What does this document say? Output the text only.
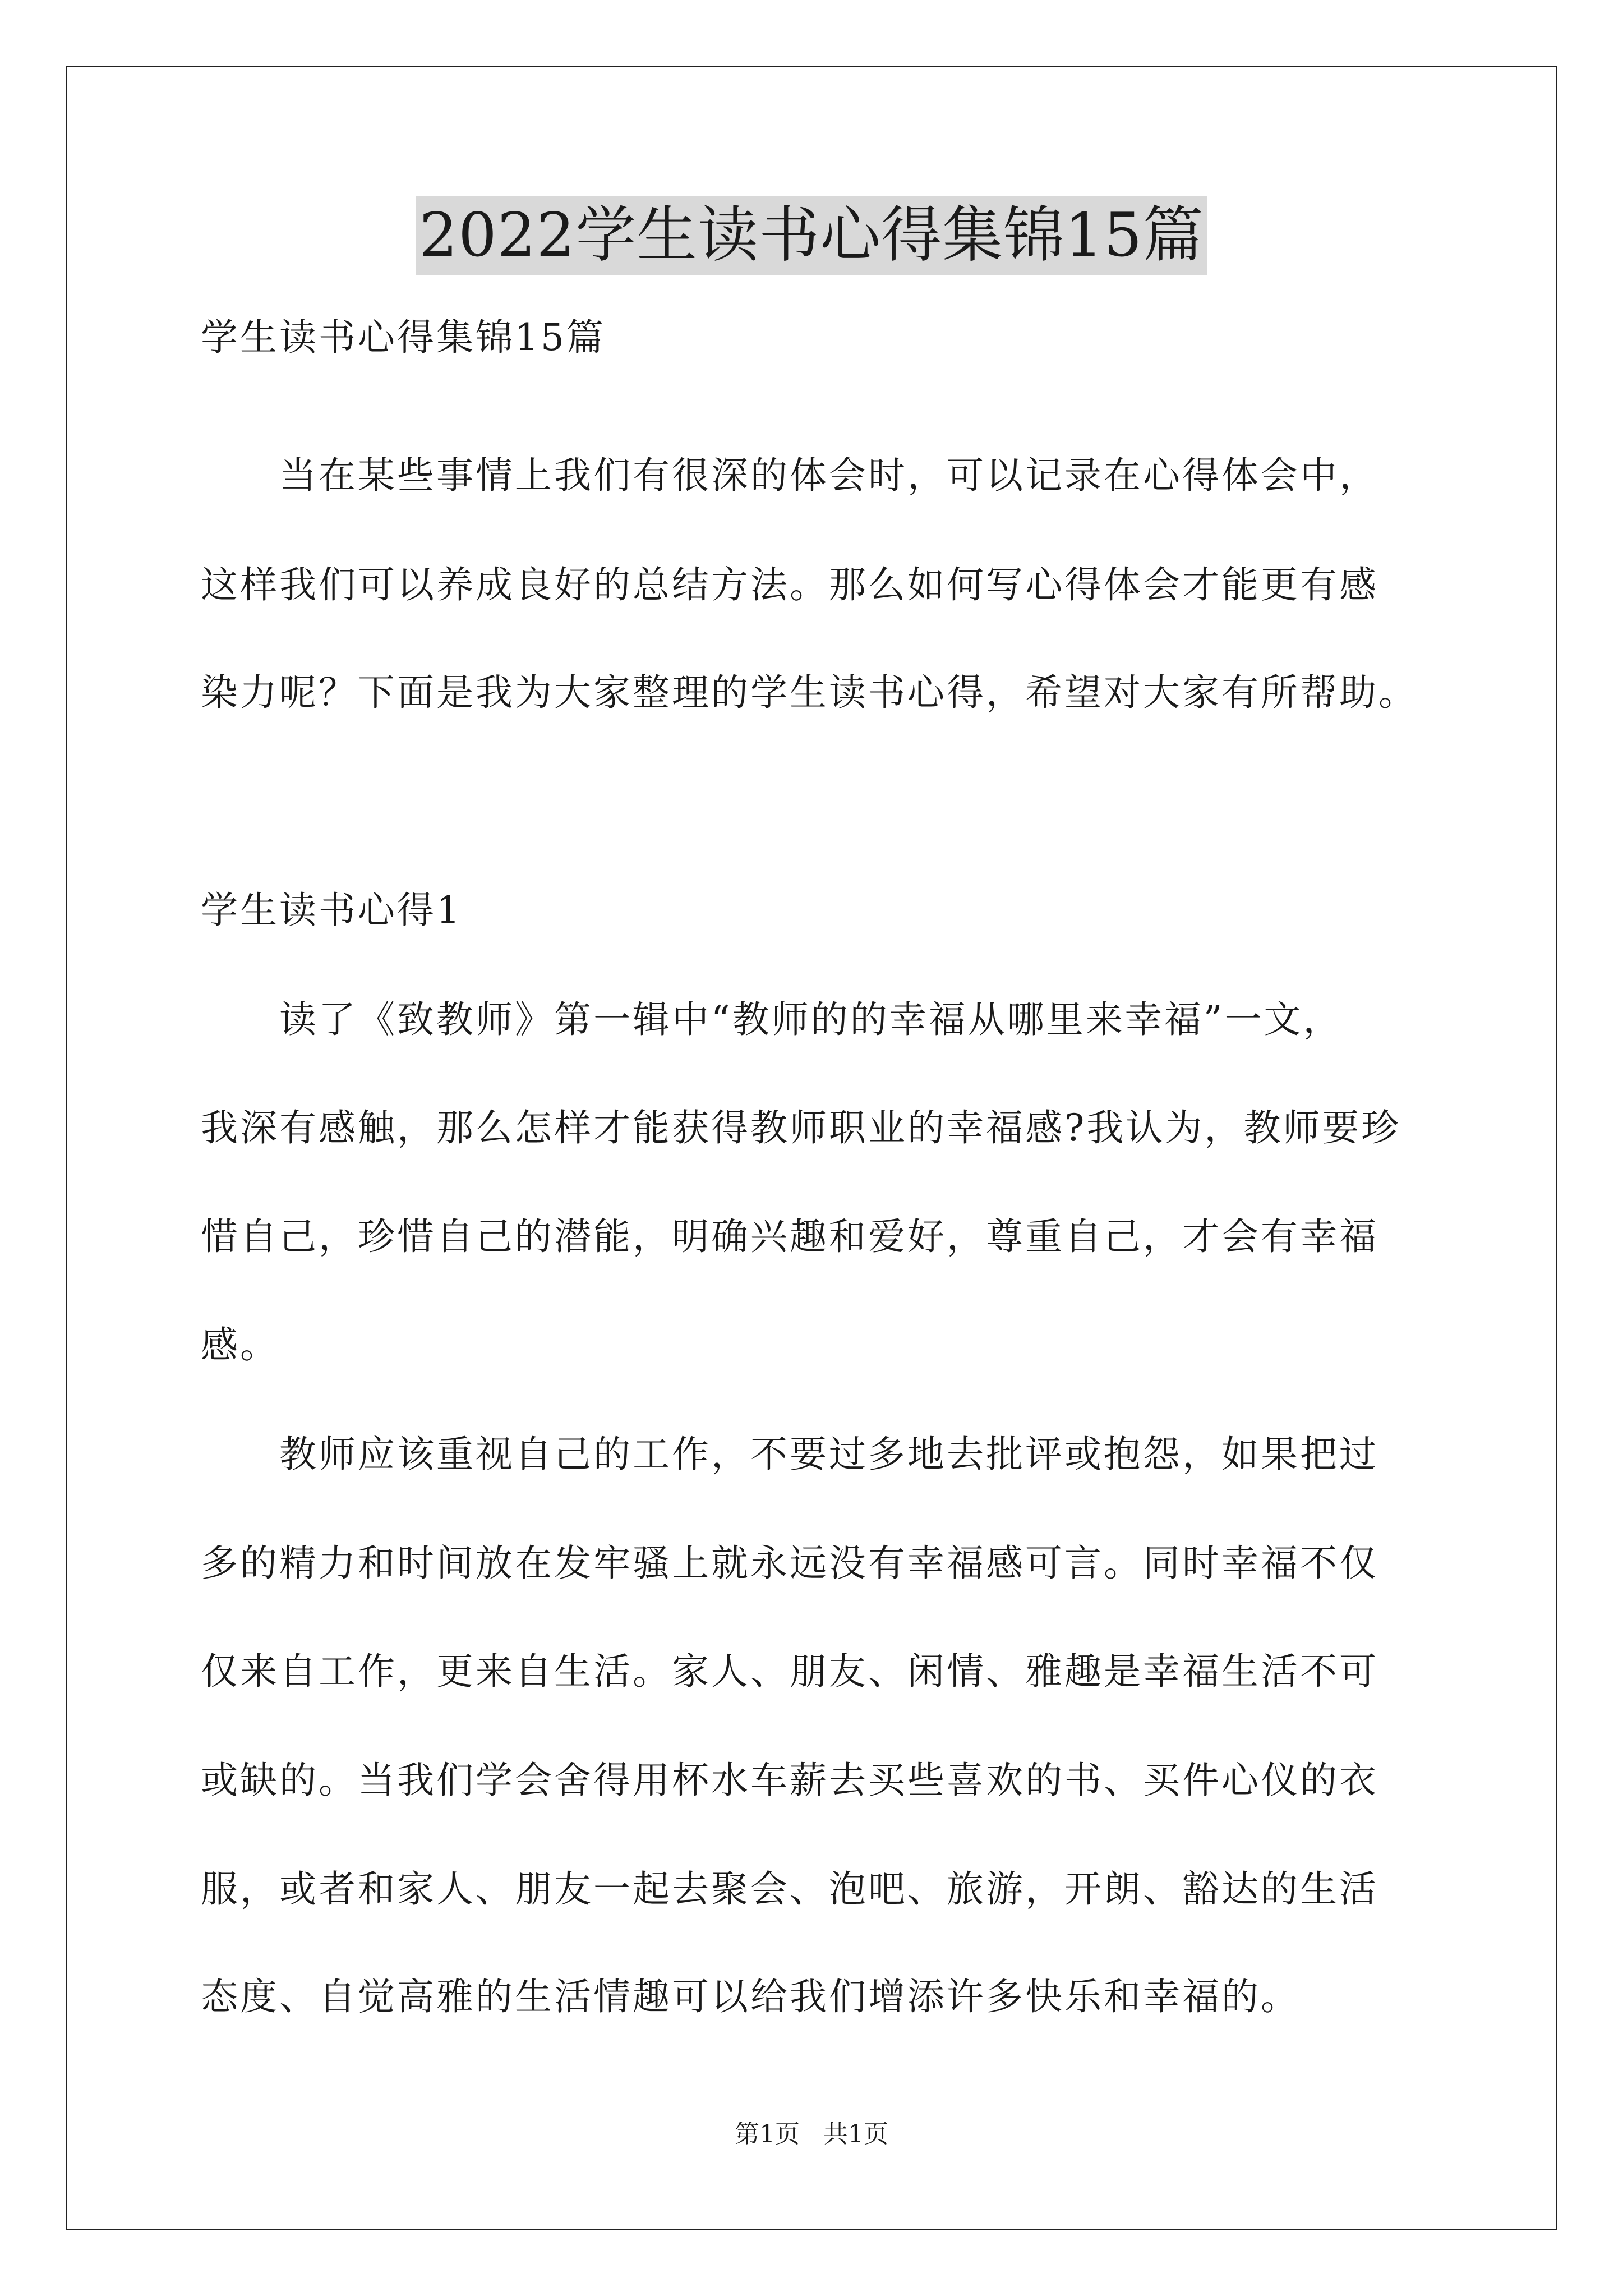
2022学生读书心得集锦15篇
学生读书心得集锦15篇
　　当在某些事情上我们有很深的体会时，可以记录在心得体会中，
这样我们可以养成良好的总结方法。那么如何写心得体会才能更有感
染力呢？下面是我为大家整理的学生读书心得，希望对大家有所帮助。
学生读书心得1
　　读了《致教师》第一辑中“教师的的幸福从哪里来幸福”一文，
我深有感触，那么怎样才能获得教师职业的幸福感?我认为，教师要珍
惜自己，珍惜自己的潜能，明确兴趣和爱好，尊重自己，才会有幸福
感。
　　教师应该重视自己的工作，不要过多地去批评或抱怨，如果把过
多的精力和时间放在发牢骚上就永远没有幸福感可言。同时幸福不仅
仅来自工作，更来自生活。家人、朋友、闲情、雅趣是幸福生活不可
或缺的。当我们学会舍得用杯水车薪去买些喜欢的书、买件心仪的衣
服，或者和家人、朋友一起去聚会、泡吧、旅游，开朗、豁达的生活
态度、自觉高雅的生活情趣可以给我们增添许多快乐和幸福的。
第1页 共1页
